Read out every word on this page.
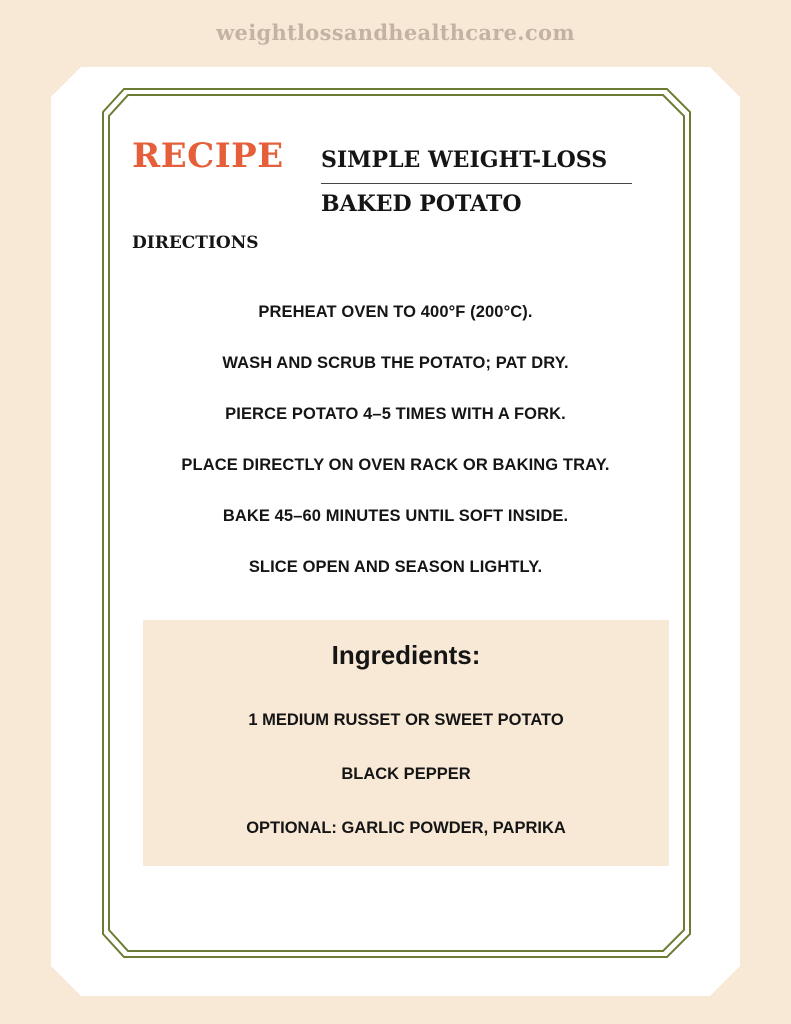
weightlossandhealthcare.com
RECIPE SIMPLE WEIGHT-LOSS
BAKED POTATO
DIRECTIONS
PREHEAT OVEN TO 400°F (200°C).
WASH AND SCRUB THE POTATO; PAT DRY.
PIERCE POTATO 4–5 TIMES WITH A FORK.
PLACE DIRECTLY ON OVEN RACK OR BAKING TRAY.
BAKE 45–60 MINUTES UNTIL SOFT INSIDE.
SLICE OPEN AND SEASON LIGHTLY.
Ingredients:
1 MEDIUM RUSSET OR SWEET POTATO
BLACK PEPPER
OPTIONAL: GARLIC POWDER, PAPRIKA
